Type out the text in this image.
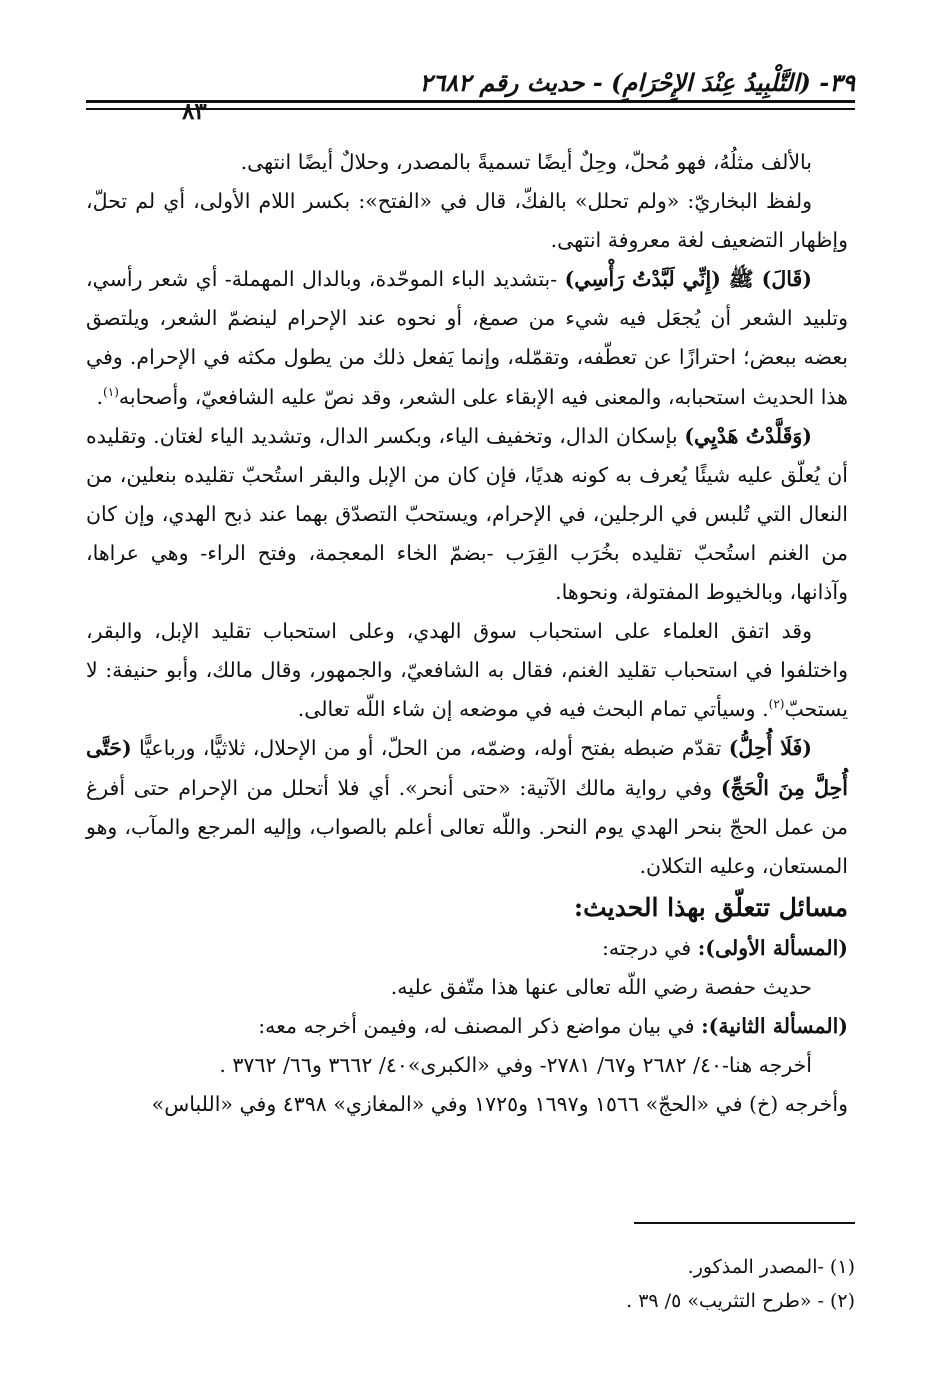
٣٩- (التَّلْبِيدُ عِنْدَ الإِحْرَامِ) - حديث رقم ٢٦٨٢
٨٣

بالألف مثلُهُ، فهو مُحلّ، وحِلٌ أيضًا تسميةً بالمصدر، وحلالٌ أيضًا انتهى.

ولفظ البخاريّ: «ولم تحلل» بالفكّ، قال في «الفتح»: بكسر اللام الأولى، أي لم تحلّ، وإظهار التضعيف لغة معروفة انتهى.

(قَالَ) ﷺ (إِنِّي لَبَّدْتُ رَأْسِي) -بتشديد الباء الموحّدة، وبالدال المهملة- أي شعر رأسي، وتلبيد الشعر أن يُجعَل فيه شيء من صمغ، أو نحوه عند الإحرام لينضمّ الشعر، ويلتصق بعضه ببعض؛ احترازًا عن تعطّفه، وتقمّله، وإنما يَفعل ذلك من يطول مكثه في الإحرام. وفي هذا الحديث استحبابه، والمعنى فيه الإبقاء على الشعر، وقد نصّ عليه الشافعيّ، وأصحابه$^{(١)}$.

(وَقَلَّدْتُ هَدْيِي) بإسكان الدال، وتخفيف الياء، وبكسر الدال، وتشديد الياء لغتان. وتقليده أن يُعلّق عليه شيئًا يُعرف به كونه هديًا، فإن كان من الإبل والبقر استُحبّ تقليده بنعلين، من النعال التي تُلبس في الرجلين، في الإحرام، ويستحبّ التصدّق بهما عند ذبح الهدي، وإن كان من الغنم استُحبّ تقليده بخُرَب القِرَب -بضمّ الخاء المعجمة، وفتح الراء- وهي عراها، وآذانها، وبالخيوط المفتولة، ونحوها.

وقد اتفق العلماء على استحباب سوق الهدي، وعلى استحباب تقليد الإبل، والبقر، واختلفوا في استحباب تقليد الغنم، فقال به الشافعيّ، والجمهور، وقال مالك، وأبو حنيفة: لا يستحبّ$^{(٢)}$. وسيأتي تمام البحث فيه في موضعه إن شاء اللّه تعالى.

(فَلَا أُحِلُّ) تقدّم ضبطه بفتح أوله، وضمّه، من الحلّ، أو من الإحلال، ثلاثيًّا، ورباعيًّا (حَتَّى أُحِلَّ مِنَ الْحَجِّ) وفي رواية مالك الآتية: «حتى أنحر». أي فلا أتحلل من الإحرام حتى أفرغ من عمل الحجّ بنحر الهدي يوم النحر. واللّه تعالى أعلم بالصواب، وإليه المرجع والمآب، وهو المستعان، وعليه التكلان.

مسائل تتعلّق بهذا الحديث:

(المسألة الأولى): في درجته:

حديث حفصة رضي اللّه تعالى عنها هذا متّفق عليه.

(المسألة الثانية): في بيان مواضع ذكر المصنف له، وفيمن أخرجه معه:

أخرجه هنا-٤٠/ ٢٦٨٢ و٦٧/ ٢٧٨١- وفي «الكبرى»٤٠/ ٣٦٦٢ و٦٦/ ٣٧٦٢ .

وأخرجه (خ) في «الحجّ» ١٥٦٦ و١٦٩٧ و١٧٢٥ وفي «المغازي» ٤٣٩٨ وفي «اللباس»

(١) -المصدر المذكور.

(٢) - «طرح التثريب» ٥/ ٣٩ .
